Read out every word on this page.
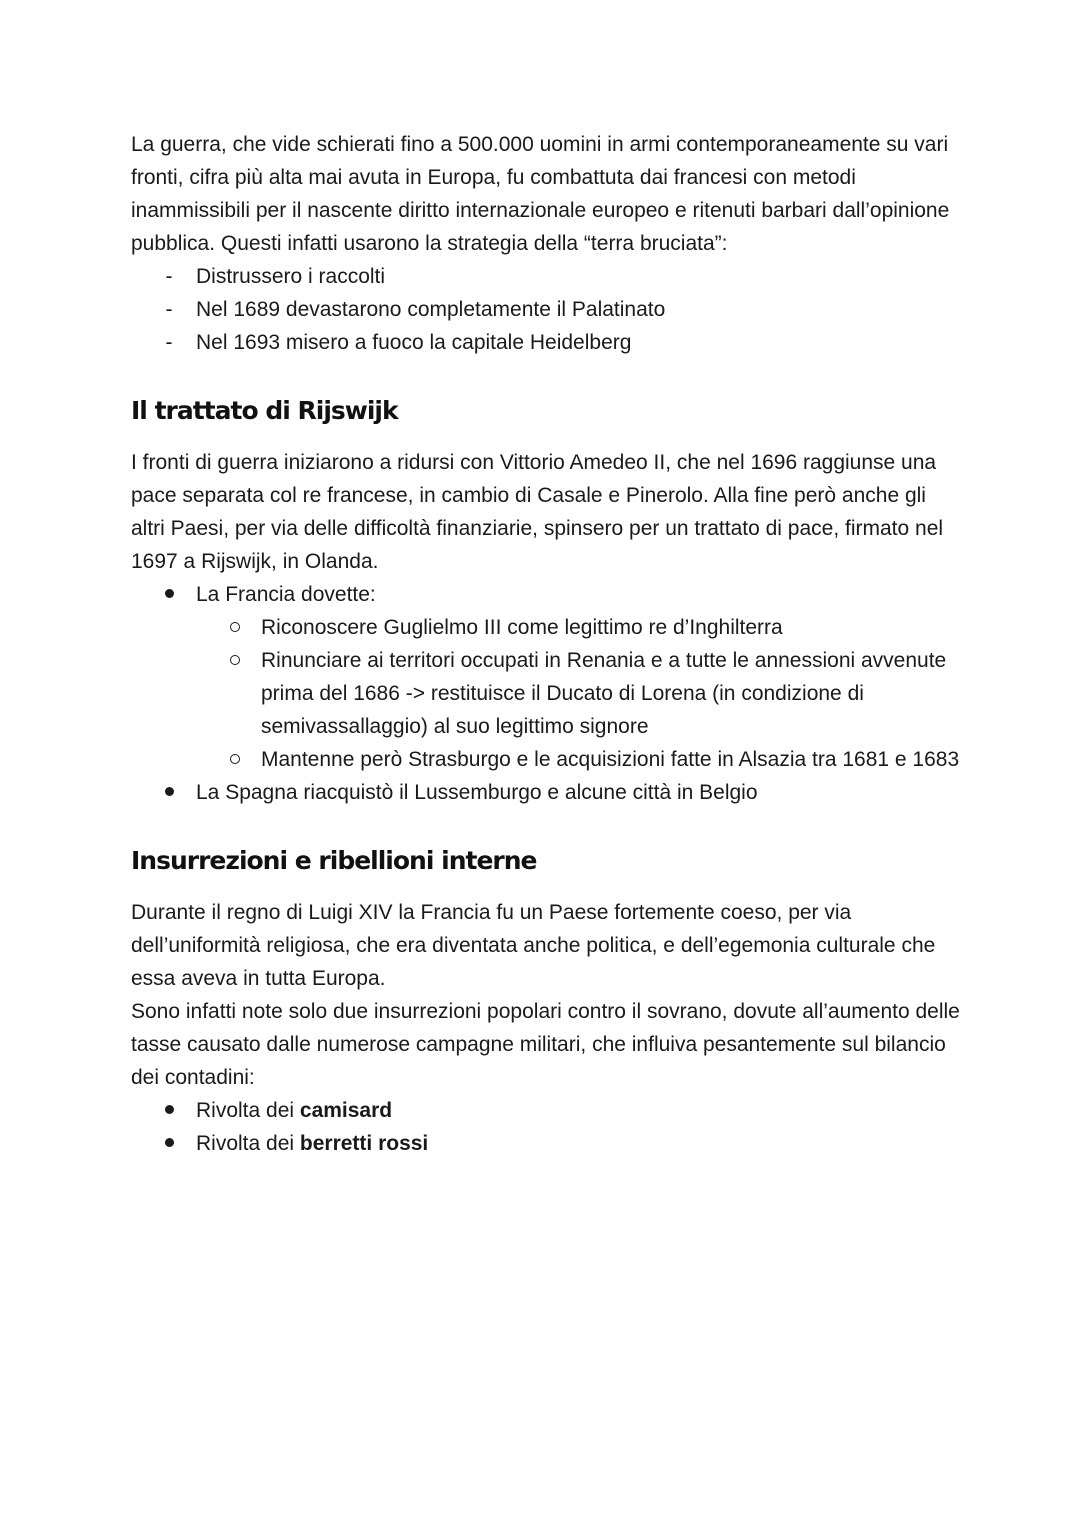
La guerra, che vide schierati fino a 500.000 uomini in armi contemporaneamente su vari fronti, cifra più alta mai avuta in Europa, fu combattuta dai francesi con metodi inammissibili per il nascente diritto internazionale europeo e ritenuti barbari dall’opinione pubblica. Questi infatti usarono la strategia della “terra bruciata”:

-	Distrussero i raccolti
-	Nel 1689 devastarono completamente il Palatinato
-	Nel 1693 misero a fuoco la capitale Heidelberg
Il trattato di Rijswijk

I fronti di guerra iniziarono a ridursi con Vittorio Amedeo II, che nel 1696 raggiunse una pace separata col re francese, in cambio di Casale e Pinerolo. Alla fine però anche gli altri Paesi, per via delle difficoltà finanziarie, spinsero per un trattato di pace, firmato nel 1697 a Rijswijk, in Olanda.

La Francia dovette:
Riconoscere Guglielmo III come legittimo re d’Inghilterra
Rinunciare ai territori occupati in Renania e a tutte le annessioni avvenute prima del 1686 -> restituisce il Ducato di Lorena (in condizione di semivassallaggio) al suo legittimo signore
Mantenne però Strasburgo e le acquisizioni fatte in Alsazia tra 1681 e 1683
La Spagna riacquistò il Lussemburgo e alcune città in Belgio
Insurrezioni e ribellioni interne

Durante il regno di Luigi XIV la Francia fu un Paese fortemente coeso, per via dell’uniformità religiosa, che era diventata anche politica, e dell’egemonia culturale che essa aveva in tutta Europa.

Sono infatti note solo due insurrezioni popolari contro il sovrano, dovute all’aumento delle tasse causato dalle numerose campagne militari, che influiva pesantemente sul bilancio dei contadini:

Rivolta dei camisard
Rivolta dei berretti rossi
